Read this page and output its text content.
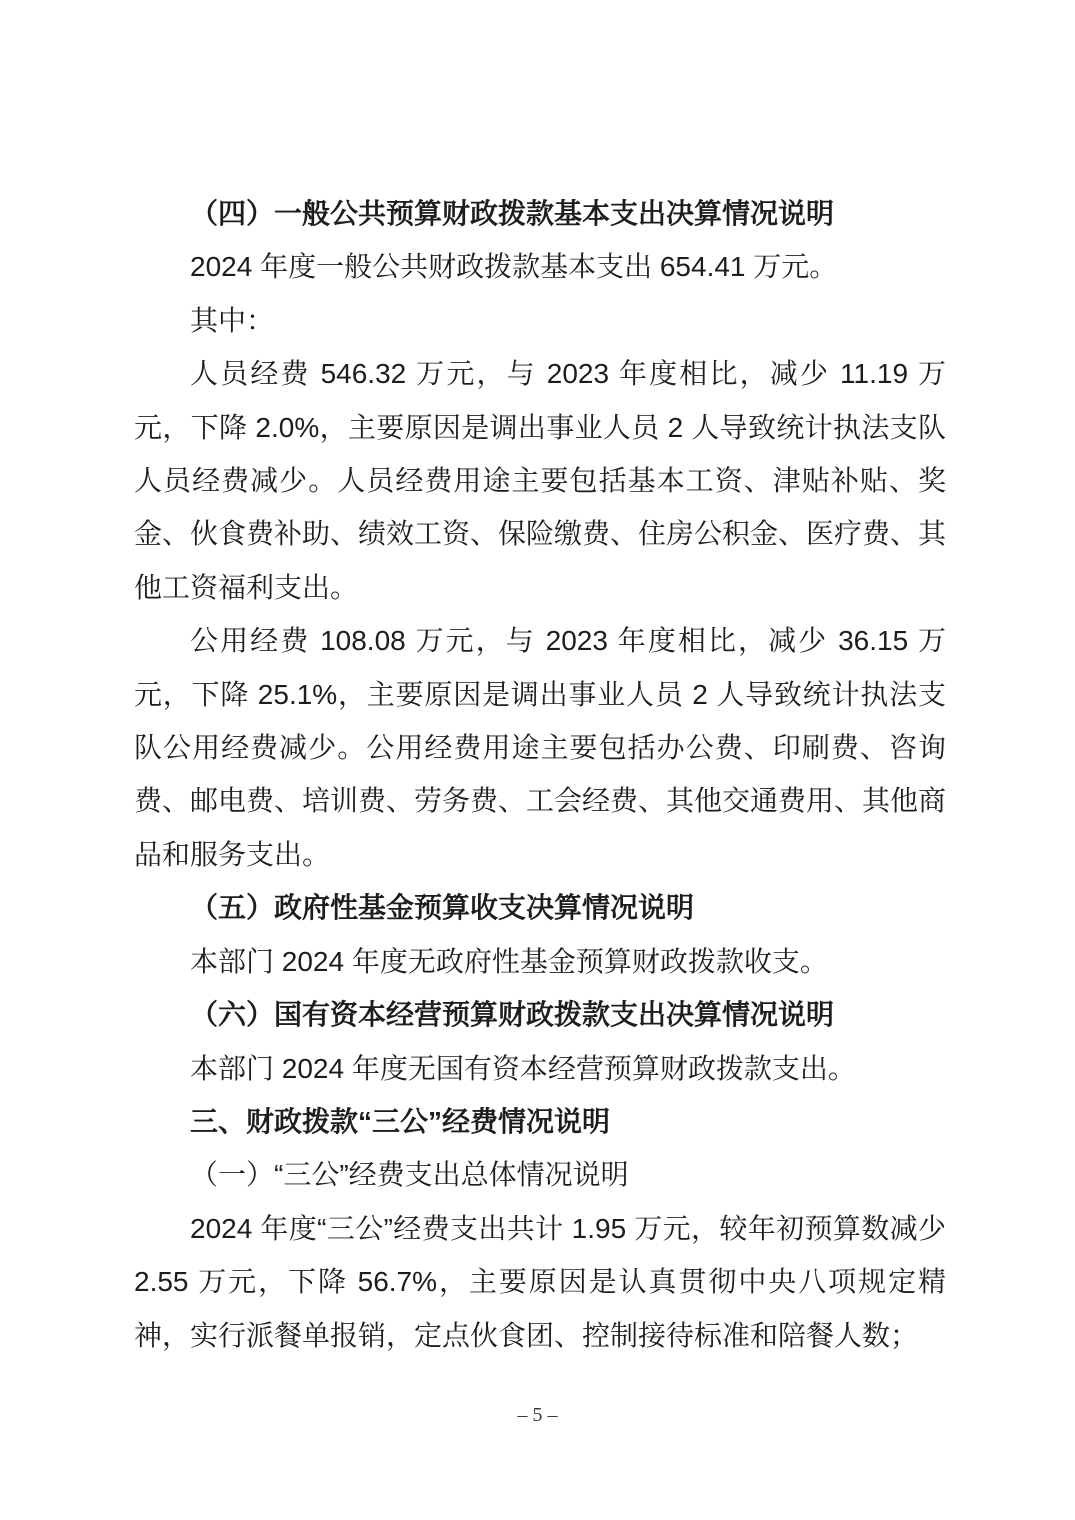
（四）一般公共预算财政拨款基本支出决算情况说明

2024 年度一般公共财政拨款基本支出 654.41 万元。

其中：

人员经费 546.32 万元，与 2023 年度相比，减少 11.19 万元，下降 2.0%，主要原因是调出事业人员 2 人导致统计执法支队人员经费减少。人员经费用途主要包括基本工资、津贴补贴、奖金、伙食费补助、绩效工资、保险缴费、住房公积金、医疗费、其他工资福利支出。

公用经费 108.08 万元，与 2023 年度相比，减少 36.15 万元，下降 25.1%，主要原因是调出事业人员 2 人导致统计执法支队公用经费减少。公用经费用途主要包括办公费、印刷费、咨询费、邮电费、培训费、劳务费、工会经费、其他交通费用、其他商品和服务支出。

（五）政府性基金预算收支决算情况说明

本部门 2024 年度无政府性基金预算财政拨款收支。

（六）国有资本经营预算财政拨款支出决算情况说明

本部门 2024 年度无国有资本经营预算财政拨款支出。

三、财政拨款“三公”经费情况说明

（一）“三公”经费支出总体情况说明

2024 年度“三公”经费支出共计 1.95 万元，较年初预算数减少 2.55 万元，下降 56.7%，主要原因是认真贯彻中央八项规定精神，实行派餐单报销，定点伙食团、控制接待标准和陪餐人数；

– 5 –
